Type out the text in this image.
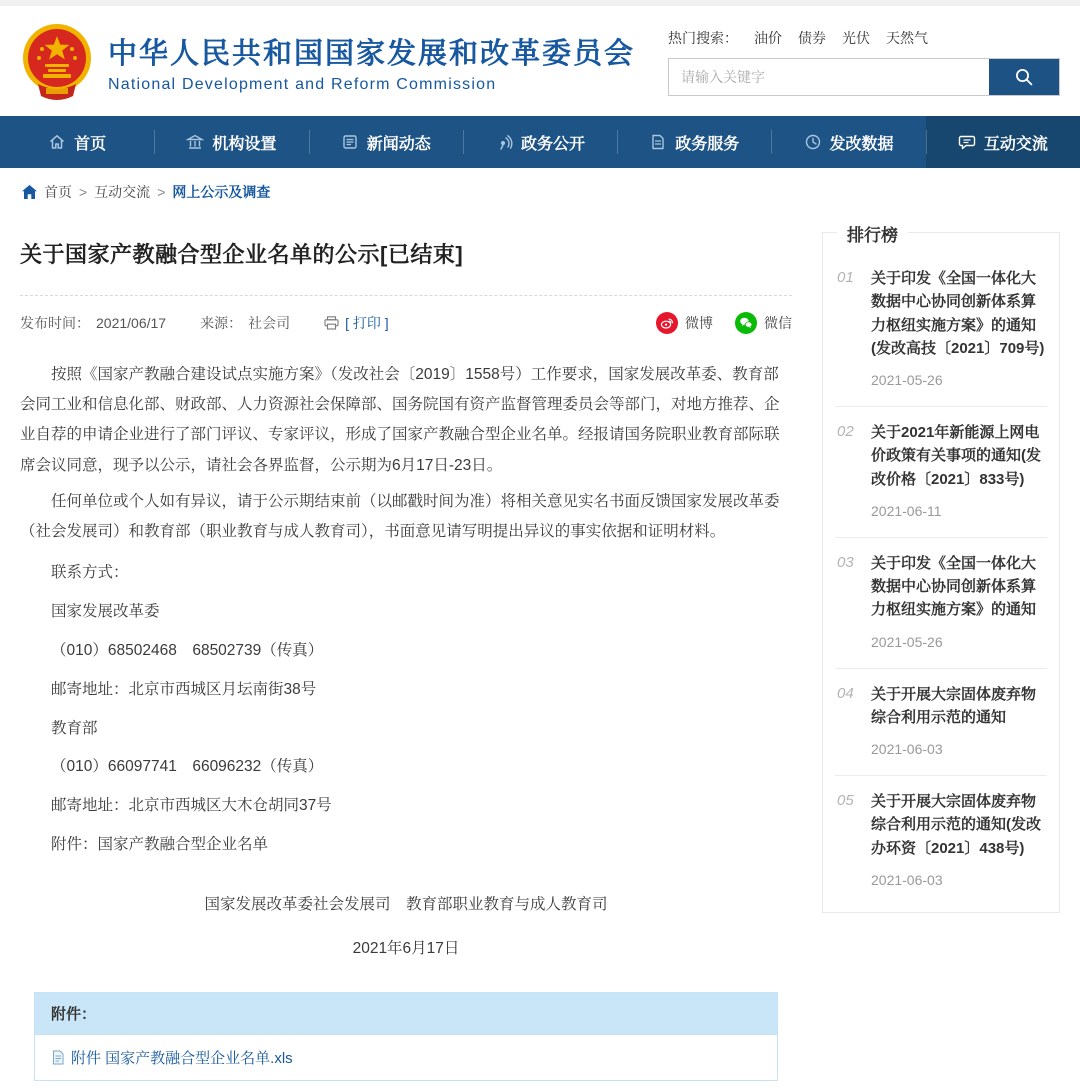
中华人民共和国国家发展和改革委员会
National Development and Reform Commission
热门搜索： 油价 债券 光伏 天然气
请输入关键字
首页	机构设置	新闻动态	政务公开	政务服务	发改数据	互动交流
首页 > 互动交流 > 网上公示及调查
关于国家产教融合型企业名单的公示[已结束]
发布时间： 2021/06/17 来源： 社会司	[ 打印 ]	微博	微信

按照《国家产教融合建设试点实施方案》（发改社会〔2019〕1558号）工作要求，国家发展改革委、教育部会同工业和信息化部、财政部、人力资源社会保障部、国务院国有资产监督管理委员会等部门，对地方推荐、企业自荐的申请企业进行了部门评议、专家评议，形成了国家产教融合型企业名单。经报请国务院职业教育部际联席会议同意，现予以公示，请社会各界监督，公示期为6月17日-23日。

任何单位或个人如有异议，请于公示期结束前（以邮戳时间为准）将相关意见实名书面反馈国家发展改革委（社会发展司）和教育部（职业教育与成人教育司），书面意见请写明提出异议的事实依据和证明材料。

联系方式：

国家发展改革委

（010）68502468　68502739（传真）

邮寄地址：北京市西城区月坛南街38号

教育部

（010）66097741　66096232（传真）

邮寄地址：北京市西城区大木仓胡同37号

附件：国家产教融合型企业名单

国家发展改革委社会发展司　教育部职业教育与成人教育司

2021年6月17日

附件：
附件 国家产教融合型企业名单.xls
排行榜
01	关于印发《全国一体化大数据中心协同创新体系算力枢纽实施方案》的通知(发改高技〔2021〕709号)
2021-05-26
02	关于2021年新能源上网电价政策有关事项的通知(发改价格〔2021〕833号)
2021-06-11
03	关于印发《全国一体化大数据中心协同创新体系算力枢纽实施方案》的通知
2021-05-26
04	关于开展大宗固体废弃物综合利用示范的通知
2021-06-03
05	关于开展大宗固体废弃物综合利用示范的通知(发改办环资〔2021〕438号)
2021-06-03
